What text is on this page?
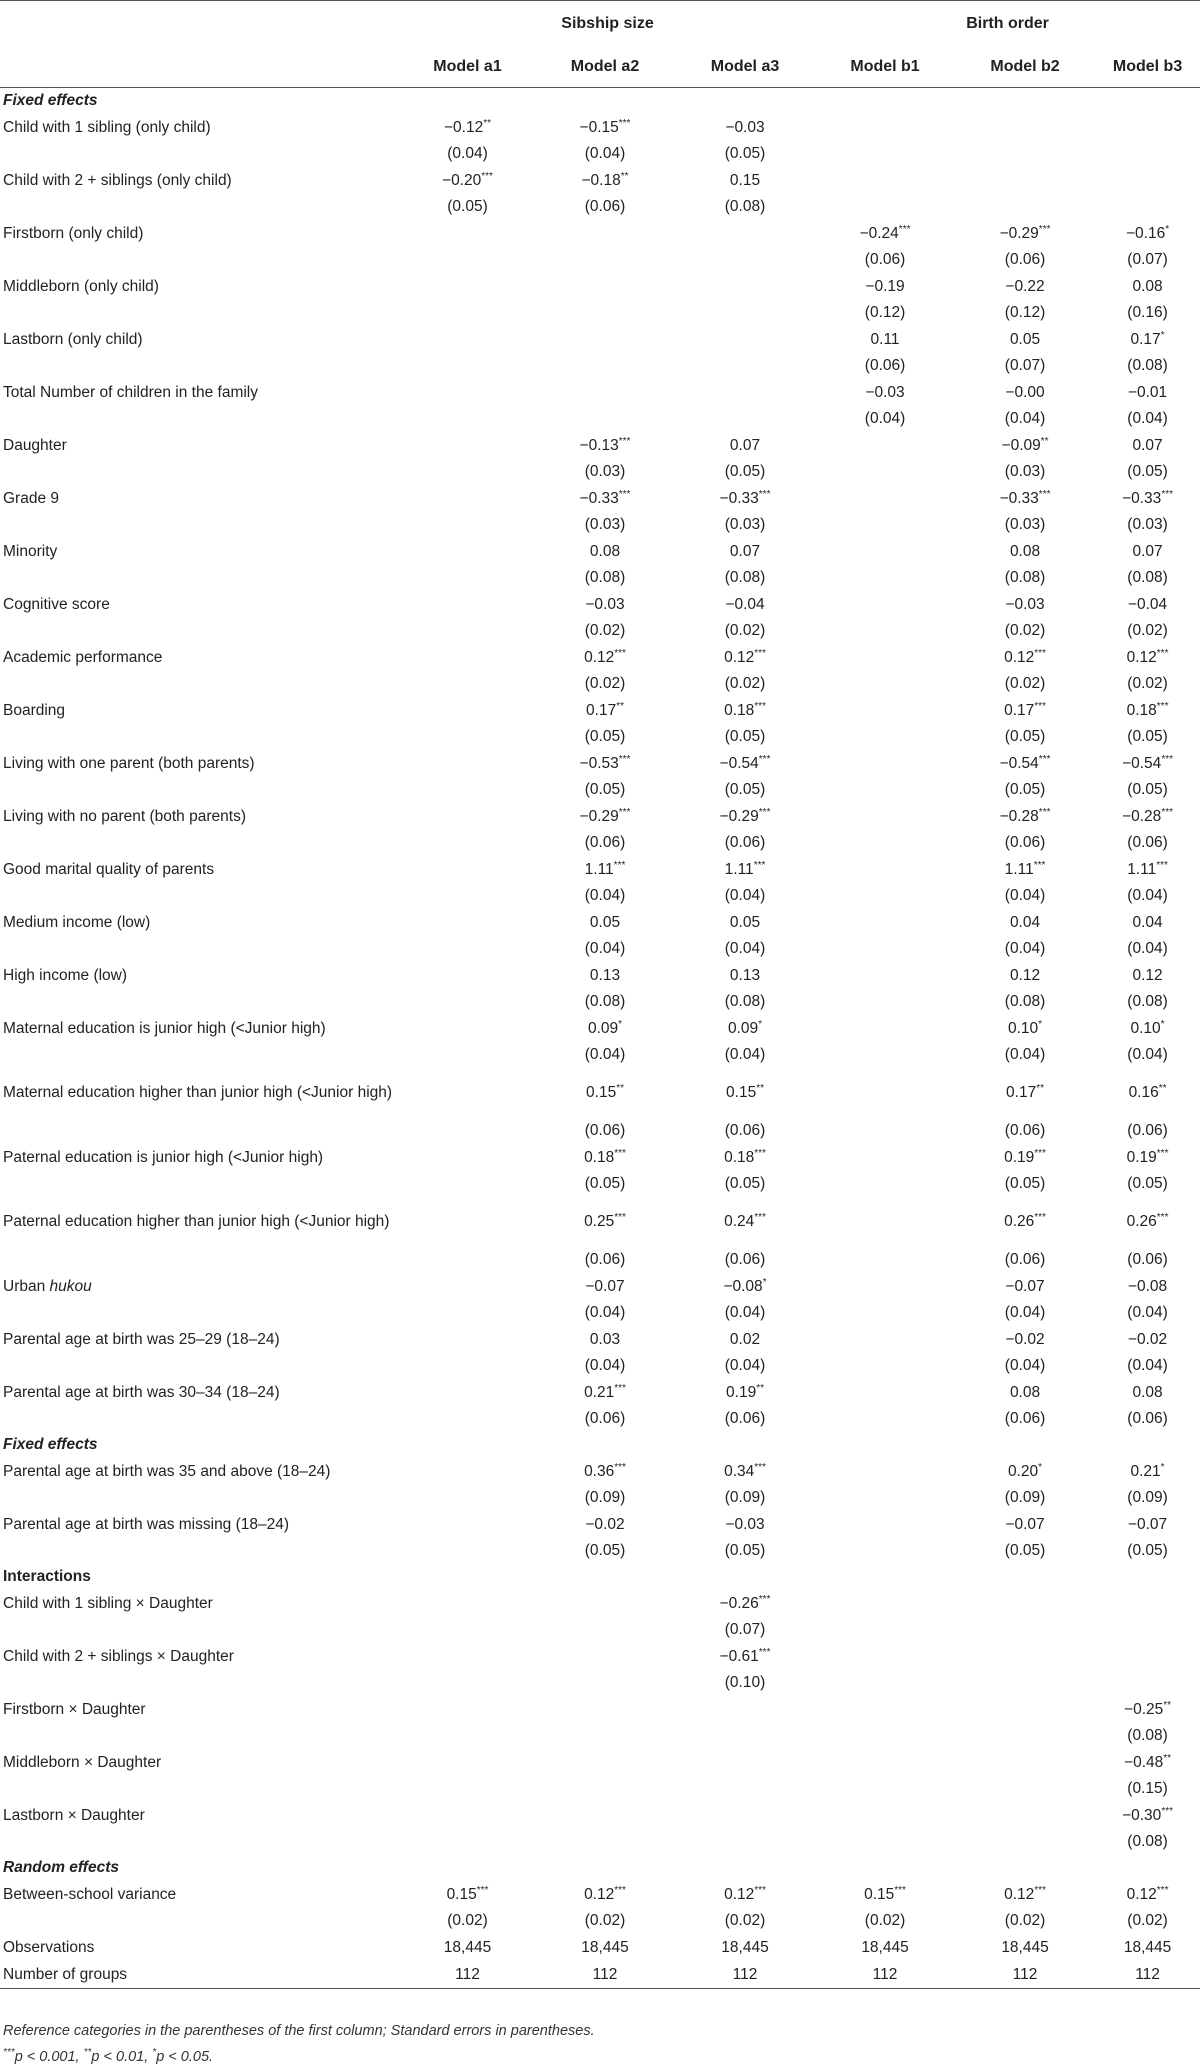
	Sibship size			Birth order		
	Model a1	Model a2	Model a3	Model b1	Model b2	Model b3
Fixed effects						
Child with 1 sibling (only child)	−0.12**	−0.15***	−0.03			
	(0.04)	(0.04)	(0.05)			
Child with 2 + siblings (only child)	−0.20***	−0.18**	0.15			
	(0.05)	(0.06)	(0.08)			
Firstborn (only child)				−0.24***	−0.29***	−0.16*
				(0.06)	(0.06)	(0.07)
Middleborn (only child)				−0.19	−0.22	0.08
				(0.12)	(0.12)	(0.16)
Lastborn (only child)				0.11	0.05	0.17*
				(0.06)	(0.07)	(0.08)
Total Number of children in the family				−0.03	−0.00	−0.01
				(0.04)	(0.04)	(0.04)
Daughter		−0.13***	0.07		−0.09**	0.07
		(0.03)	(0.05)		(0.03)	(0.05)
Grade 9		−0.33***	−0.33***		−0.33***	−0.33***
		(0.03)	(0.03)		(0.03)	(0.03)
Minority		0.08	0.07		0.08	0.07
		(0.08)	(0.08)		(0.08)	(0.08)
Cognitive score		−0.03	−0.04		−0.03	−0.04
		(0.02)	(0.02)		(0.02)	(0.02)
Academic performance		0.12***	0.12***		0.12***	0.12***
		(0.02)	(0.02)		(0.02)	(0.02)
Boarding		0.17**	0.18***		0.17***	0.18***
		(0.05)	(0.05)		(0.05)	(0.05)
Living with one parent (both parents)		−0.53***	−0.54***		−0.54***	−0.54***
		(0.05)	(0.05)		(0.05)	(0.05)
Living with no parent (both parents)		−0.29***	−0.29***		−0.28***	−0.28***
		(0.06)	(0.06)		(0.06)	(0.06)
Good marital quality of parents		1.11***	1.11***		1.11***	1.11***
		(0.04)	(0.04)		(0.04)	(0.04)
Medium income (low)		0.05	0.05		0.04	0.04
		(0.04)	(0.04)		(0.04)	(0.04)
High income (low)		0.13	0.13		0.12	0.12
		(0.08)	(0.08)		(0.08)	(0.08)
Maternal education is junior high (<Junior high)		0.09*	0.09*		0.10*	0.10*
		(0.04)	(0.04)		(0.04)	(0.04)
Maternal education higher than junior high (<Junior high)		0.15**	0.15**		0.17**	0.16**
		(0.06)	(0.06)		(0.06)	(0.06)
Paternal education is junior high (<Junior high)		0.18***	0.18***		0.19***	0.19***
		(0.05)	(0.05)		(0.05)	(0.05)
Paternal education higher than junior high (<Junior high)		0.25***	0.24***		0.26***	0.26***
		(0.06)	(0.06)		(0.06)	(0.06)
Urban hukou		−0.07	−0.08*		−0.07	−0.08
		(0.04)	(0.04)		(0.04)	(0.04)
Parental age at birth was 25–29 (18–24)		0.03	0.02		−0.02	−0.02
		(0.04)	(0.04)		(0.04)	(0.04)
Parental age at birth was 30–34 (18–24)		0.21***	0.19**		0.08	0.08
		(0.06)	(0.06)		(0.06)	(0.06)
Fixed effects						
Parental age at birth was 35 and above (18–24)		0.36***	0.34***		0.20*	0.21*
		(0.09)	(0.09)		(0.09)	(0.09)
Parental age at birth was missing (18–24)		−0.02	−0.03		−0.07	−0.07
		(0.05)	(0.05)		(0.05)	(0.05)
Interactions						
Child with 1 sibling × Daughter			−0.26***			
			(0.07)			
Child with 2 + siblings × Daughter			−0.61***			
			(0.10)			
Firstborn × Daughter						−0.25**
						(0.08)
Middleborn × Daughter						−0.48**
						(0.15)
Lastborn × Daughter						−0.30***
						(0.08)
Random effects						
Between-school variance	0.15***	0.12***	0.12***	0.15***	0.12***	0.12***
	(0.02)	(0.02)	(0.02)	(0.02)	(0.02)	(0.02)
Observations	18,445	18,445	18,445	18,445	18,445	18,445
Number of groups	112	112	112	112	112	112
Reference categories in the parentheses of the first column; Standard errors in parentheses.
***p < 0.001, **p < 0.01, *p < 0.05.
